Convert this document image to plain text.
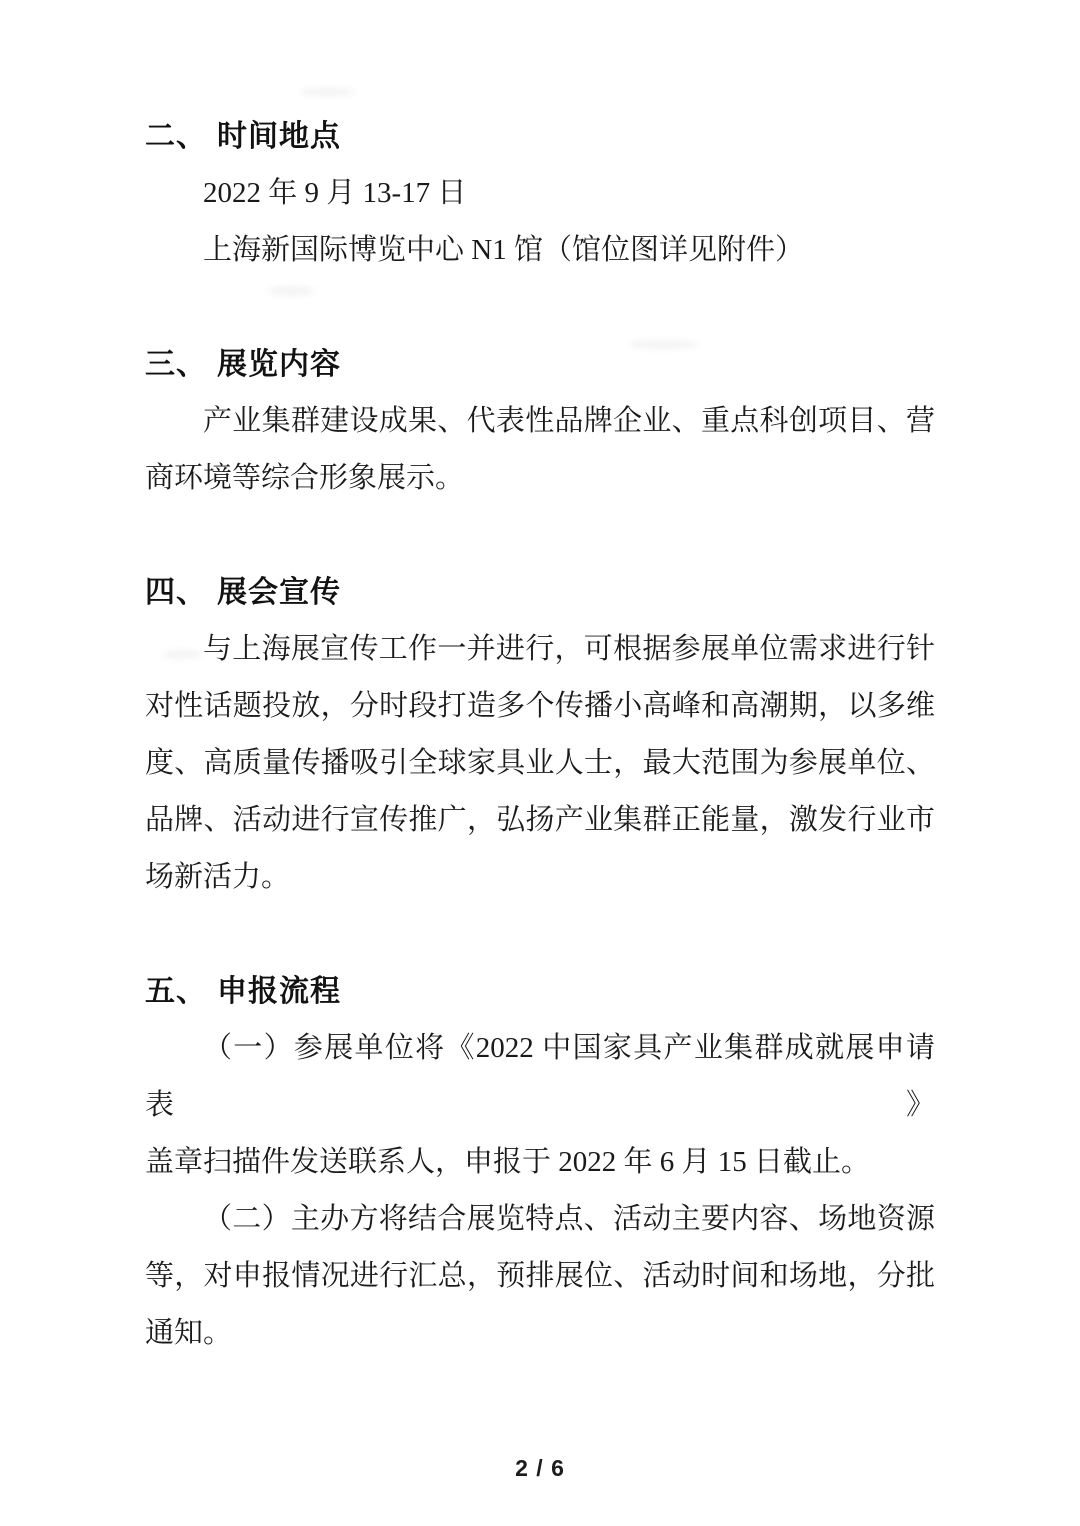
二、 时间地点

2022 年 9 月 13-17 日

上海新国际博览中心 N1 馆（馆位图详见附件）

三、 展览内容

产业集群建设成果、代表性品牌企业、重点科创项目、营

商环境等综合形象展示。

四、 展会宣传

与上海展宣传工作一并进行，可根据参展单位需求进行针

对性话题投放，分时段打造多个传播小高峰和高潮期，以多维

度、高质量传播吸引全球家具业人士，最大范围为参展单位、

品牌、活动进行宣传推广，弘扬产业集群正能量，激发行业市

场新活力。

五、 申报流程

（一）参展单位将《2022 中国家具产业集群成就展申请表》

盖章扫描件发送联系人，申报于 2022 年 6 月 15 日截止。

（二）主办方将结合展览特点、活动主要内容、场地资源

等，对申报情况进行汇总，预排展位、活动时间和场地，分批

通知。

2 / 6
